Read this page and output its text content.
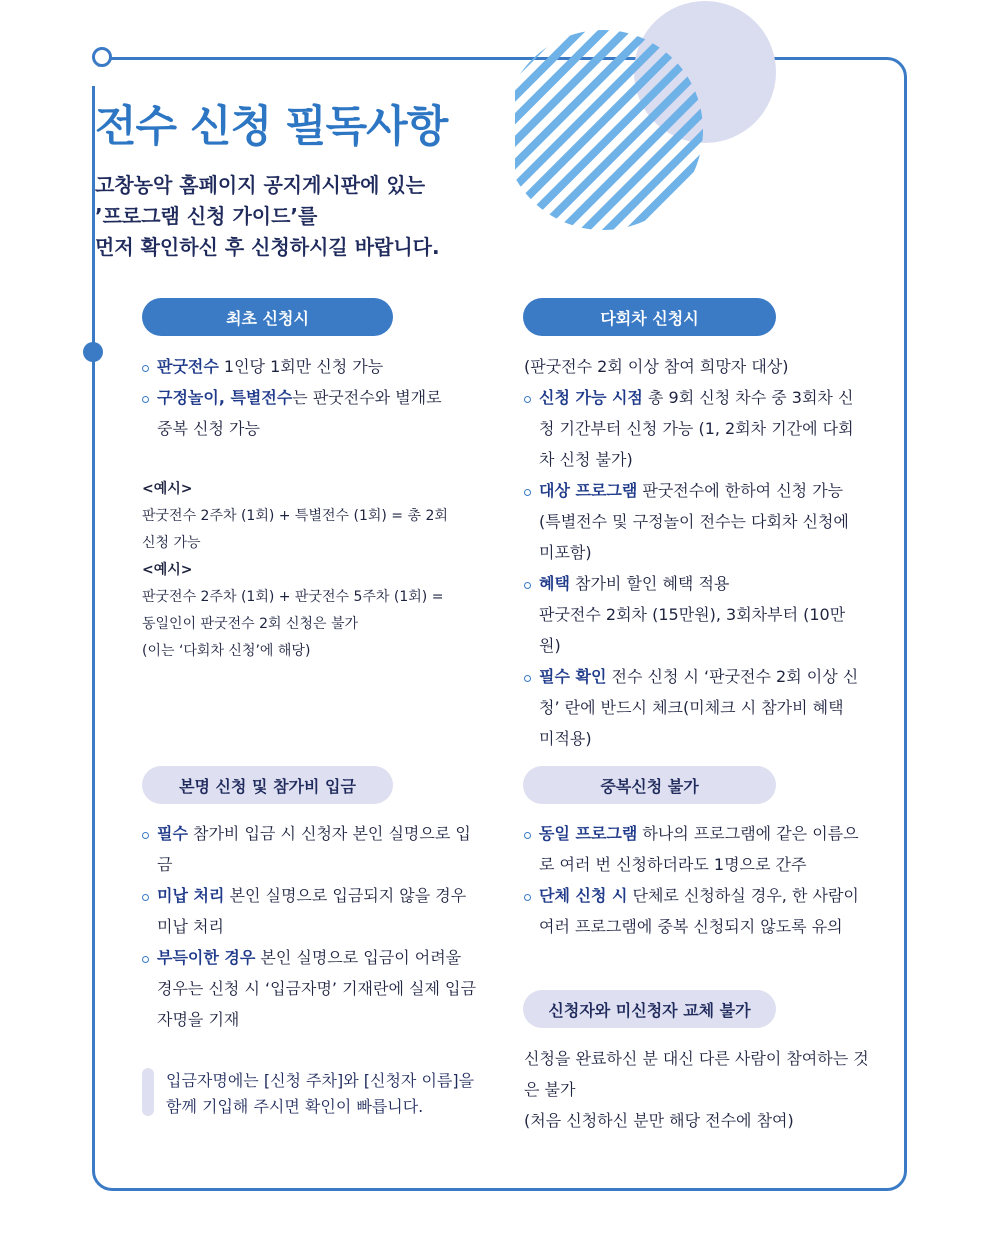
전수 신청 필독사항
고창농악 홈페이지 공지게시판에 있는
’프로그램 신청 가이드’를
먼저 확인하신 후 신청하시길 바랍니다.
최초 신청시
판굿전수 1인당 1회만 신청 가능
구정놀이, 특별전수는 판굿전수와 별개로 중복 신청 가능
<예시>
판굿전수 2주차 (1회) + 특별전수 (1회) = 총 2회
신청 가능
<예시>
판굿전수 2주차 (1회) + 판굿전수 5주차 (1회) =
동일인이 판굿전수 2회 신청은 불가
(이는 ‘다회차 신청’에 해당)
다회차 신청시
(판굿전수 2회 이상 참여 희망자 대상)
신청 가능 시점 총 9회 신청 차수 중 3회차 신청 기간부터 신청 가능 (1, 2회차 기간에 다회차 신청 불가)
대상 프로그램 판굿전수에 한하여 신청 가능 (특별전수 및 구정놀이 전수는 다회차 신청에 미포함)
혜택 참가비 할인 혜택 적용
판굿전수 2회차 (15만원), 3회차부터 (10만원)
필수 확인 전수 신청 시 ‘판굿전수 2회 이상 신청’ 란에 반드시 체크(미체크 시 참가비 혜택 미적용)
본명 신청 및 참가비 입금
필수 참가비 입금 시 신청자 본인 실명으로 입금
미납 처리 본인 실명으로 입금되지 않을 경우 미납 처리
부득이한 경우 본인 실명으로 입금이 어려울 경우는 신청 시 ‘입금자명’ 기재란에 실제 입금자명을 기재
입금자명에는 [신청 주차]와 [신청자 이름]을 함께 기입해 주시면 확인이 빠릅니다.
중복신청 불가
동일 프로그램 하나의 프로그램에 같은 이름으로 여러 번 신청하더라도 1명으로 간주
단체 신청 시 단체로 신청하실 경우, 한 사람이 여러 프로그램에 중복 신청되지 않도록 유의
신청자와 미신청자 교체 불가
신청을 완료하신 분 대신 다른 사람이 참여하는 것은 불가
(처음 신청하신 분만 해당 전수에 참여)
